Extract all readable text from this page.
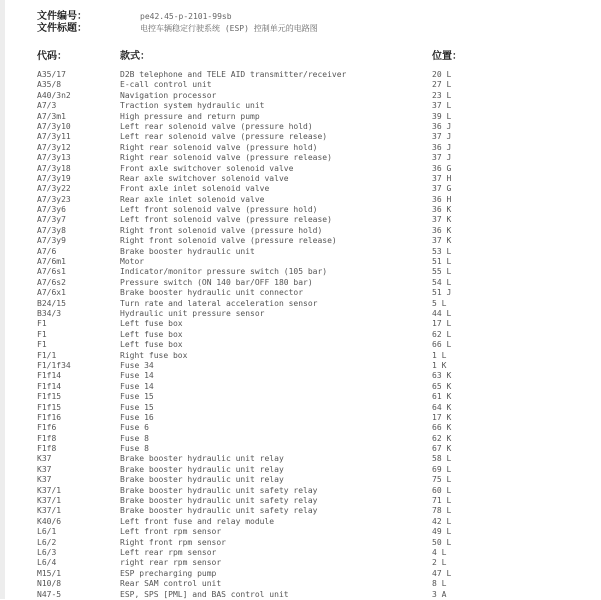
文件编号：	pe42.45-p-2101-99sb
文件标题：	电控车辆稳定行驶系统 (ESP) 控制单元的电路图
代码：	款式：	位置：
A35/17	D2B telephone and TELE AID transmitter/receiver	20 L
A35/8	E-call control unit	27 L
A40/3n2	Navigation processor	23 L
A7/3	Traction system hydraulic unit	37 L
A7/3m1	High pressure and return pump	39 L
A7/3y10	Left rear solenoid valve (pressure hold)	36 J
A7/3y11	Left rear solenoid valve (pressure release)	37 J
A7/3y12	Right rear solenoid valve (pressure hold)	36 J
A7/3y13	Right rear solenoid valve (pressure release)	37 J
A7/3y18	Front axle switchover solenoid valve	36 G
A7/3y19	Rear axle switchover solenoid valve	37 H
A7/3y22	Front axle inlet solenoid valve	37 G
A7/3y23	Rear axle inlet solenoid valve	36 H
A7/3y6	Left front solenoid valve (pressure hold)	36 K
A7/3y7	Left front solenoid valve (pressure release)	37 K
A7/3y8	Right front solenoid valve (pressure hold)	36 K
A7/3y9	Right front solenoid valve (pressure release)	37 K
A7/6	Brake booster hydraulic unit	53 L
A7/6m1	Motor	51 L
A7/6s1	Indicator/monitor pressure switch (105 bar)	55 L
A7/6s2	Pressure switch (ON 140 bar/OFF 180 bar)	54 L
A7/6x1	Brake booster hydraulic unit connector	51 J
B24/15	Turn rate and lateral acceleration sensor	5 L
B34/3	Hydraulic unit pressure sensor	44 L
F1	Left fuse box	17 L
F1	Left fuse box	62 L
F1	Left fuse box	66 L
F1/1	Right fuse box	1 L
F1/1f34	Fuse 34	1 K
F1f14	Fuse 14	63 K
F1f14	Fuse 14	65 K
F1f15	Fuse 15	61 K
F1f15	Fuse 15	64 K
F1f16	Fuse 16	17 K
F1f6	Fuse 6	66 K
F1f8	Fuse 8	62 K
F1f8	Fuse 8	67 K
K37	Brake booster hydraulic unit relay	58 L
K37	Brake booster hydraulic unit relay	69 L
K37	Brake booster hydraulic unit relay	75 L
K37/1	Brake booster hydraulic unit safety relay	60 L
K37/1	Brake booster hydraulic unit safety relay	71 L
K37/1	Brake booster hydraulic unit safety relay	78 L
K40/6	Left front fuse and relay module	42 L
L6/1	Left front rpm sensor	49 L
L6/2	Right front rpm sensor	50 L
L6/3	Left rear rpm sensor	4 L
L6/4	right rear rpm sensor	2 L
M15/1	ESP precharging pump	47 L
N10/8	Rear SAM control unit	8 L
N47-5	ESP, SPS [PML] and BAS control unit	3 A
